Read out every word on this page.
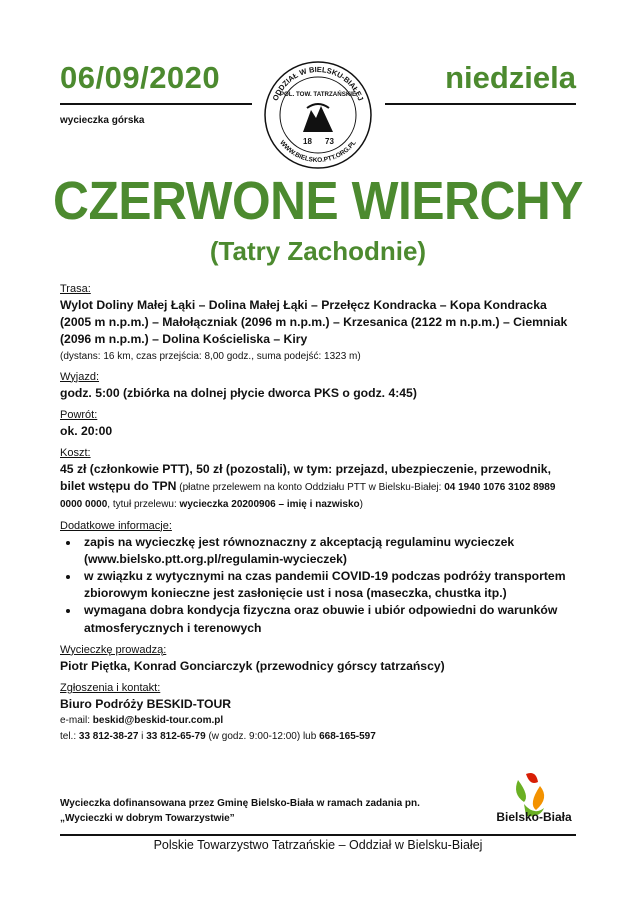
06/09/2020	niedziela
wycieczka górska
ODDZIAŁ W BIELSKU-BIAŁEJ
WWW.BIELSKO.PTT.ORG.PL
POL. TOW. TATRZAŃSKIE
18 73
CZERWONE WIERCHY
(Tatry Zachodnie)

Trasa:

Wylot Doliny Małej Łąki – Dolina Małej Łąki – Przełęcz Kondracka – Kopa Kondracka (2005 m n.p.m.) – Małołączniak (2096 m n.p.m.) – Krzesanica (2122 m n.p.m.) – Ciemniak (2096 m n.p.m.) – Dolina Kościeliska – Kiry

(dystans: 16 km, czas przejścia: 8,00 godz., suma podejść: 1323 m)

Wyjazd:

godz. 5:00 (zbiórka na dolnej płycie dworca PKS o godz. 4:45)

Powrót:

ok. 20:00

Koszt:

45 zł (członkowie PTT), 50 zł (pozostali), w tym: przejazd, ubezpieczenie, przewodnik, bilet wstępu do TPN (płatne przelewem na konto Oddziału PTT w Bielsku-Białej: 04 1940 1076 3102 8989 0000 0000, tytuł przelewu: wycieczka 20200906 – imię i nazwisko)

Dodatkowe informacje:

• zapis na wycieczkę jest równoznaczny z akceptacją regulaminu wycieczek (www.bielsko.ptt.org.pl/regulamin-wycieczek)
• w związku z wytycznymi na czas pandemii COVID-19 podczas podróży transportem zbiorowym konieczne jest zasłonięcie ust i nosa (maseczka, chustka itp.)
• wymagana dobra kondycja fizyczna oraz obuwie i ubiór odpowiedni do warunków atmosferycznych i terenowych

Wycieczkę prowadzą:

Piotr Piętka, Konrad Gonciarczyk (przewodnicy górscy tatrzańscy)

Zgłoszenia i kontakt:

Biuro Podróży BESKID-TOUR

e-mail: beskid@beskid-tour.com.pl

tel.: 33 812-38-27 i 33 812-65-79 (w godz. 9:00-12:00) lub 668-165-597

Wycieczka dofinansowana przez Gminę Bielsko-Biała w ramach zadania pn. „Wycieczki w dobrym Towarzystwie”	Bielsko-Biała
Polskie Towarzystwo Tatrzańskie – Oddział w Bielsku-Białej
